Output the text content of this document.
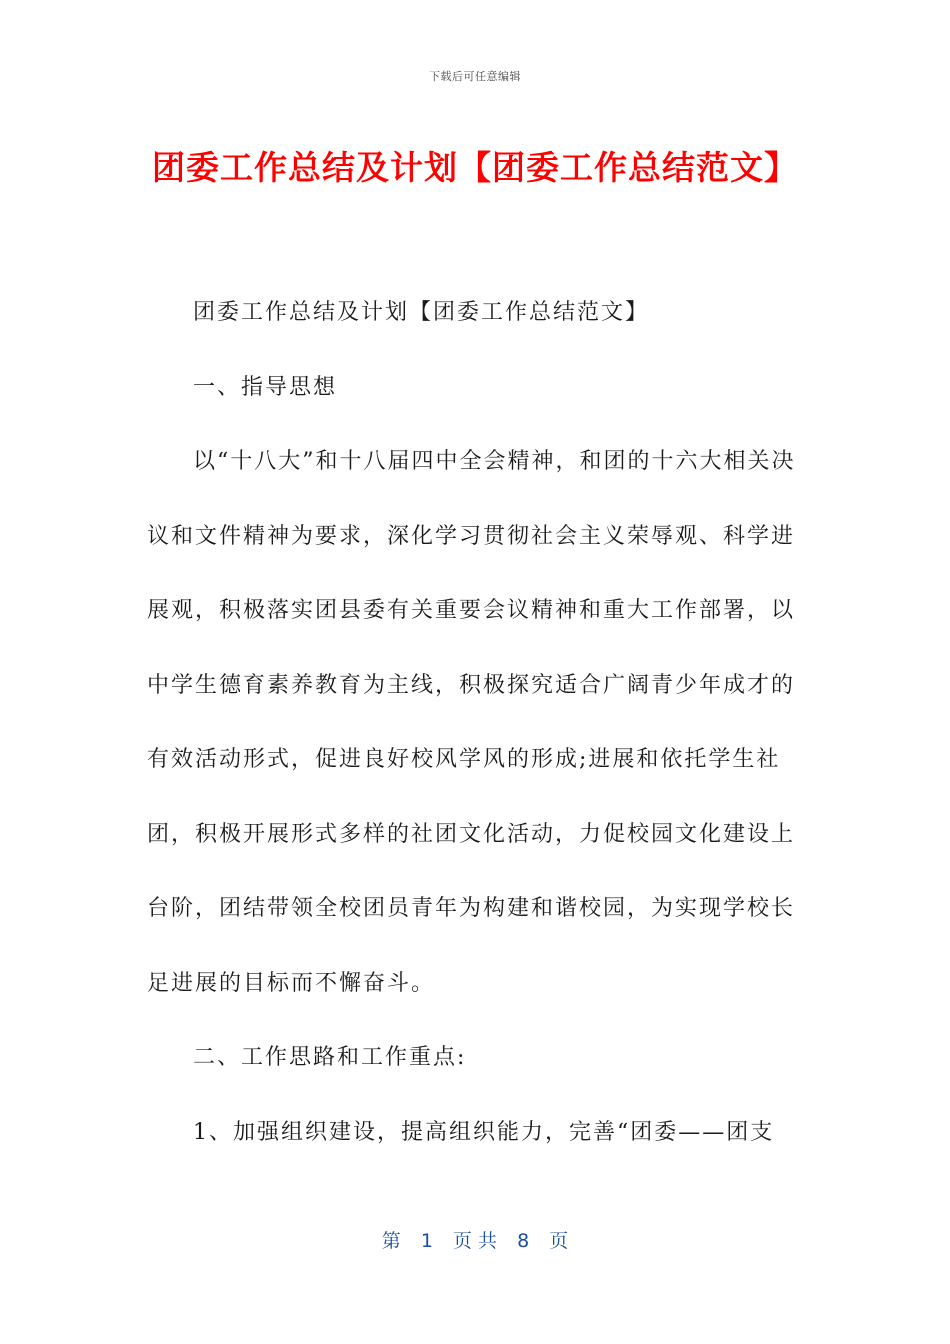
下载后可任意编辑
团委工作总结及计划【团委工作总结范文】

团委工作总结及计划【团委工作总结范文】

一、指导思想

以“十八大”和十八届四中全会精神，和团的十六大相关决议和文件精神为要求，深化学习贯彻社会主义荣辱观、科学进展观，积极落实团县委有关重要会议精神和重大工作部署，以中学生德育素养教育为主线，积极探究适合广阔青少年成才的有效活动形式，促进良好校风学风的形成;进展和依托学生社团，积极开展形式多样的社团文化活动，力促校园文化建设上台阶，团结带领全校团员青年为构建和谐校园，为实现学校长足进展的目标而不懈奋斗。

二、工作思路和工作重点:

1、加强组织建设，提高组织能力，完善“团委——团支

第 1 页 共 8 页
